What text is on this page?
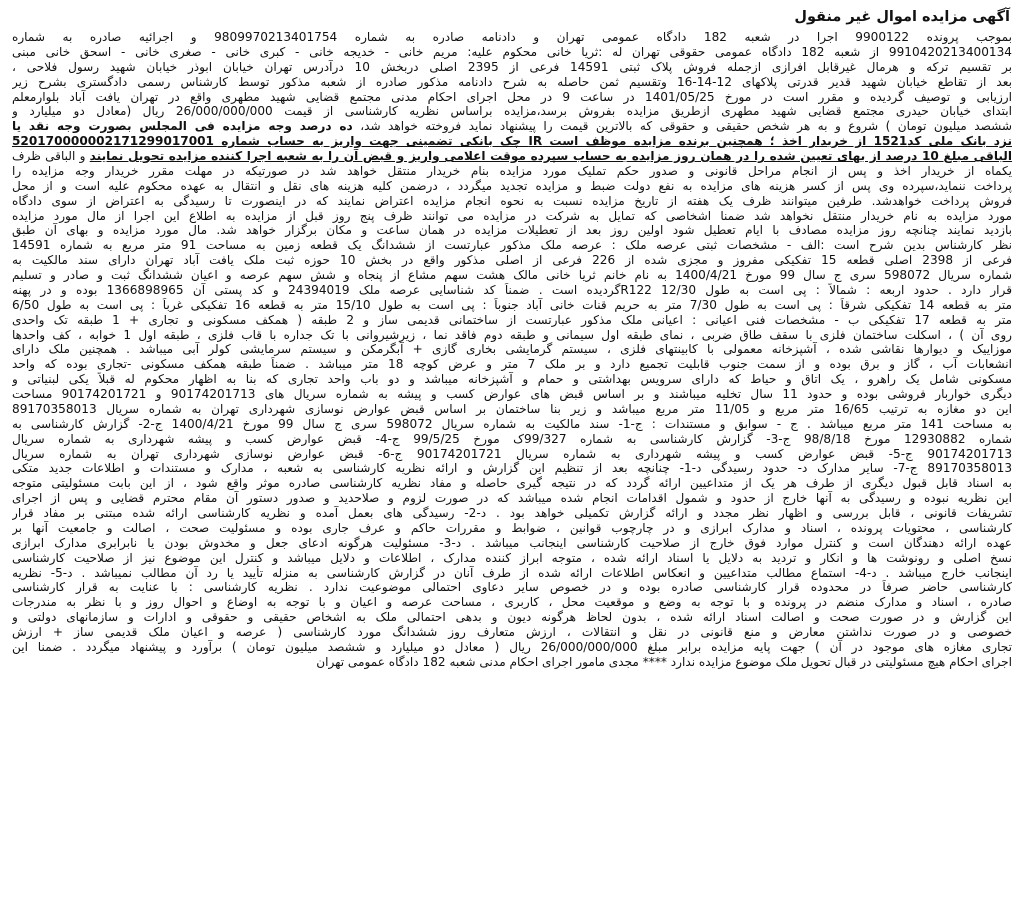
آگهی مزایده اموال غیر منقول
بموجب پرونده 9900122 اجرا در شعبه 182 دادگاه عمومی تهران و دادنامه صادره به شماره 9809970213401754 و اجرائیه صادره به شماره
9910420213400134 از شعبه 182 دادگاه عمومی حقوقی تهران له :ثریا خانی محکوم علیه: مریم خانی - خدیجه خانی - کبری خانی - صغری خانی - اسحق خانی مبنی
بر تقسیم ترکه و هرمال غیرقابل افرازی ازجمله فروش پلاک ثبتی 14591 فرعی از 2395 اصلی دربخش 10 درآدرس تهران خیابان ابوذر خیابان شهید رسول فلاحی ،
بعد از تقاطع خیابان شهید قدیر قدرتی پلاکهای 12-14-16 وتقسیم ثمن حاصله به شرح دادنامه مذکور صادره از شعبه مذکور توسط کارشناس رسمی دادگستری بشرح زیر
ارزیابی و توصیف گردیده و مقرر است در مورخ 1401/05/25 در ساعت 9 در محل اجرای احکام مدنی مجتمع قضایی شهید مطهری واقع در تهران یافت آباد بلوارمعلم
ابتدای خیابان حیدری مجتمع قضایی شهید مطهری ازطریق مزایده بفروش برسد،مزایده براساس نظریه کارشناسی از قیمت 26/000/000/000 ریال (معادل دو میلیارد و
ششصد میلیون تومان ) شروع و به هر شخص حقیقی و حقوقی که بالاترین قیمت را پیشنهاد نماید فروخته خواهد شد، ده درصد وجه مزایده فی المجلس بصورت وجه نقد یا
نزد بانک ملی کد1521 از خریدار اخذ ؛ همچنین برنده مزایده موظف است IR چک بانکی تضمینی جهت واریز به حساب شماره 520170000002171299017001
الباقی مبلغ 10 درصد از بهای تعیین شده را در همان روز مزایده به حساب سپرده موقت اعلامی واریز و قبض آن را به شعبه اجرا کننده مزایده تحویل نمایند و الباقی ظرف
یکماه از خریدار اخذ و پس از انجام مراحل قانونی و صدور حکم تملیک مورد مزایده بنام خریدار منتقل خواهد شد در صورتیکه در مهلت مقرر خریدار وجه مزایده را
پرداخت ننماید،سپرده وی پس از کسر هزینه های مزایده به نفع دولت ضبط و مزایده تجدید میگردد ، درضمن کلیه هزینه های نقل و انتقال به عهده محکوم علیه است و از محل
فروش پرداخت خواهدشد. طرفین میتوانند ظرف یک هفته از تاریخ مزایده نسبت به نحوه انجام مزایده اعتراض نمایند که در اینصورت تا رسیدگی به اعتراض از سوی دادگاه
مورد مزایده به نام خریدار منتقل نخواهد شد ضمنا اشخاصی که تمایل به شرکت در مزایده می توانند ظرف پنج روز قبل از مزایده به اطلاع این اجرا از مال مورد مزایده
بازدید نمایند چنانچه روز مزایده مصادف با ایام تعطیل شود اولین روز بعد از تعطیلات مزایده در همان ساعت و مکان برگزار خواهد شد. مال مورد مزایده و بهای آن طبق
نظر کارشناس بدین شرح است :الف - مشخصات ثبتی عرصه ملک : عرصه ملک مذکور عبارتست از ششدانگ یک قطعه زمین به مساحت 91 متر مربع به شماره 14591
فرعی از 2398 اصلی قطعه 15 تفکیکی مفروز و مجزی شده از 226 فرعی از اصلی مذکور واقع در بخش 10 حوزه ثبت ملک یافت آباد تهران دارای سند مالکیت به
شماره سریال 598072 سری ج سال 99 مورخ 1400/4/21 به نام خانم ثریا خانی مالک هشت سهم مشاع از پنجاه و شش سهم عرصه و اعیان ششدانگ ثبت و صادر و تسلیم
قرار دارد . حدود اربعه : شمالاً : پی است به طول 12/30 R122گردیده است . ضمناً کد شناسایی عرصه ملک 24394019 و کد پستی آن 1366898965 بوده و در پهنه
متر به قطعه 14 تفکیکی شرقاً : پی است به طول 7/30 متر به حریم قنات خانی آباد جنوباً : پی است به طول 15/10 متر به قطعه 16 تفکیکی غرباً : پی است به طول 6/50
متر به قطعه 17 تفکیکی ب - مشخصات فنی اعیانی : اعیانی ملک مذکور عبارتست از ساختمانی قدیمی ساز و 2 طبقه ( همکف مسکونی و تجاری + 1 طبقه تک واحدی
روی آن ) ، اسکلت ساختمان فلزی با سقف طاق ضربی ، نمای طبقه اول سیمانی و طبقه دوم فاقد نما ، زیرشیروانی با تک جداره با قاب فلزی ، طبقه اول 1 خوابه ، کف واحدها
موزاییک و دیوارها نقاشی شده ، آشپزخانه معمولی با کابینتهای فلزی ، سیستم گرمایشی بخاری گازی + آبگرمکن و سیستم سرمایشی کولر آبی میباشد . همچنین ملک دارای
انشعابات آب ، گاز و برق بوده و از سمت جنوب قابلیت تجمیع دارد و بر ملک 7 متر و عرض کوچه 18 متر میباشد . ضمناً طبقه همکف مسکونی -تجاری بوده که واحد
مسکونی شامل یک راهرو ، یک اتاق و حیاط که دارای سرویس بهداشتی و حمام و آشپزخانه میباشد و دو باب واحد تجاری که بنا به اظهار محکوم له قبلاً یکی لبنیاتی و
دیگری خواربار فروشی بوده و حدود 11 سال تخلیه میباشند و بر اساس قبض های عوارض کسب و پیشه به شماره سریال های 90174201713 و 90174201721 مساحت
این دو مغازه به ترتیب 16/65 متر مربع و 11/05 متر مربع میباشد و زیر بنا ساختمان بر اساس قبض عوارض نوسازی شهرداری تهران به شماره سریال 89170358013
به مساحت 141 متر مربع میباشد . ج - سوابق و مستندات : ج-1- سند مالکیت به شماره سریال 598072 سری ج سال 99 مورخ 1400/4/21 ج-2- گزارش کارشناسی به
شماره 12930882 مورخ 98/8/18 ج-3- گزارش کارشناسی به شماره 99/327ک مورخ 99/5/25 ج-4- قبض عوارض کسب و پیشه شهرداری به شماره سریال
90174201713 ج-5- قبض عوارض کسب و پیشه شهرداری به شماره سریال 90174201721 ج-6- قبض عوارض نوسازی شهرداری تهران به شماره سریال
89170358013 ج-7- سایر مدارک د- حدود رسیدگی د-1- چنانچه بعد از تنظیم این گزارش و ارائه نظریه کارشناسی به شعبه ، مدارک و مستندات و اطلاعات جدید متکی
به اسناد قابل قبول دیگری از طرف هر یک از متداعیین ارائه گردد که در نتیجه گیری حاصله و مفاد نظریه کارشناسی صادره موثر واقع شود ، از این بابت مسئولیتی متوجه
این نظریه نبوده و رسیدگی به آنها خارج از حدود و شمول اقدامات انجام شده میباشد که در صورت لزوم و صلاحدید و صدور دستور آن مقام محترم قضایی و پس از اجرای
تشریفات قانونی ، قابل بررسی و اظهار نظر مجدد و ارائه گزارش تکمیلی خواهد بود . د-2- رسیدگی های بعمل آمده و نظریه کارشناسی ارائه شده مبتنی بر مفاد قرار
کارشناسی ، محتویات پرونده ، اسناد و مدارک ابرازی و در چارچوب قوانین ، ضوابط و مقررات حاکم و عرف جاری بوده و مسئولیت صحت ، اصالت و جامعیت آنها بر
عهده ارائه دهندگان است و کنترل موارد فوق خارج از صلاحیت کارشناسی اینجانب میباشد . د-3- مسئولیت هرگونه ادعای جعل و مخدوش بودن یا نابرابری مدارک ابرازی
نسخ اصلی و رونوشت ها و انکار و تردید به دلایل یا اسناد ارائه شده ، متوجه ابراز کننده مدارک ، اطلاعات و دلایل میباشد و کنترل این موضوع نیز از صلاحیت کارشناسی
اینجانب خارج میباشد . د-4- استماع مطالب متداعیین و انعکاس اطلاعات ارائه شده از طرف آنان در گزارش کارشناسی به منزله تأیید یا رد آن مطالب نمیباشد . د-5- نظریه
کارشناسی حاضر صرفاً در محدوده قرار کارشناسی صادره بوده و در خصوص سایر دعاوی احتمالی موضوعیت ندارد . نظریه کارشناسی : با عنایت به قرار کارشناسی
صادره ، اسناد و مدارک منضم در پرونده و با توجه به وضع و موقعیت محل ، کاربری ، مساحت عرصه و اعیان و با توجه به اوضاع و احوال روز و با نظر به مندرجات
این گزارش و در صورت صحت و اصالت اسناد ارائه شده ، بدون لحاظ هرگونه دیون و بدهی احتمالی ملک به اشخاص حقیقی و حقوقی و ادارات و سازمانهای دولتی و
خصوصی و در صورت نداشتن معارض و منع قانونی در نقل و انتقالات ، ارزش متعارف روز ششدانگ مورد کارشناسی ( عرصه و اعیان ملک قدیمی ساز + ارزش
تجاری مغازه های موجود در آن ) جهت پایه مزایده برابر مبلغ 26/000/000/000 ریال ( معادل دو میلیارد و ششصد میلیون تومان ) برآورد و پیشنهاد میگردد . ضمنا این
اجرای احکام هیچ مسئولیتی در قبال تحویل ملک موضوع مزایده ندارد **** مجدی مامور اجرای احکام مدنی شعبه 182 دادگاه عمومی تهران
